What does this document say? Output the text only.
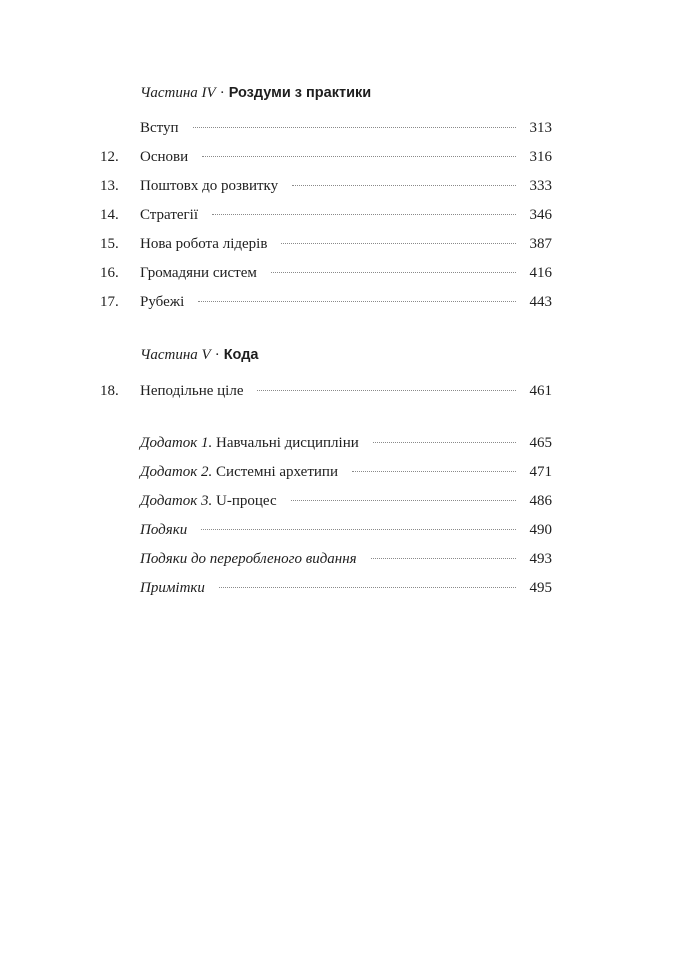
Частина IV · Роздуми з практики
Вступ	313
12.	Основи	316
13.	Поштовх до розвитку	333
14.	Стратегії	346
15.	Нова робота лідерів	387
16.	Громадяни систем	416
17.	Рубежі	443
Частина V · Кода
18.	Неподільне ціле	461
Додаток 1. Навчальні дисципліни	465
Додаток 2. Системні архетипи	471
Додаток 3. U-процес	486
Подяки	490
Подяки до переробленого видання	493
Примітки	495
